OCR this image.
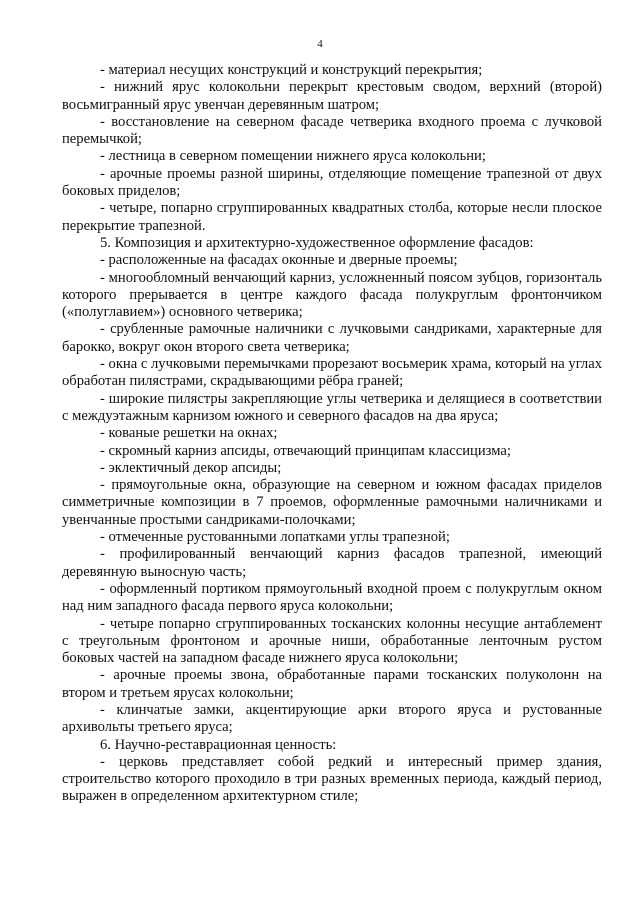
4

- материал несущих конструкций и конструкций перекрытия;

- нижний ярус колокольни перекрыт крестовым сводом, верхний (второй) восьмигранный ярус увенчан деревянным шатром;

- восстановление на северном фасаде четверика входного проема с лучковой перемычкой;

- лестница в северном помещении нижнего яруса колокольни;

- арочные проемы разной ширины, отделяющие помещение трапезной от двух боковых приделов;

- четыре, попарно сгруппированных квадратных столба, которые несли плоское перекрытие трапезной.

5. Композиция и архитектурно-художественное оформление фасадов:

- расположенные на фасадах оконные и дверные проемы;

- многообломный венчающий карниз, усложненный поясом зубцов, горизонталь которого прерывается в центре каждого фасада полукруглым фронтончиком («полуглавием») основного четверика;

- срубленные рамочные наличники с лучковыми сандриками, характерные для барокко, вокруг окон второго света четверика;

- окна с лучковыми перемычками прорезают восьмерик храма, который на углах обработан пилястрами, скрадывающими рёбра граней;

- широкие пилястры закрепляющие углы четверика и делящиеся в соответствии с междуэтажным карнизом южного и северного фасадов на два яруса;

- кованые решетки на окнах;

- скромный карниз апсиды, отвечающий принципам классицизма;

- эклектичный декор апсиды;

- прямоугольные окна, образующие на северном и южном фасадах приделов симметричные композиции в 7 проемов, оформленные рамочными наличниками и увенчанные простыми сандриками-полочками;

- отмеченные рустованными лопатками углы трапезной;

- профилированный венчающий карниз фасадов трапезной, имеющий деревянную выносную часть;

- оформленный портиком прямоугольный входной проем с полукруглым окном над ним западного фасада первого яруса колокольни;

- четыре попарно сгруппированных тосканских колонны несущие антаблемент с треугольным фронтоном и арочные ниши, обработанные ленточным рустом боковых частей на западном фасаде нижнего яруса колокольни;

- арочные проемы звона, обработанные парами тосканских полуколонн на втором и третьем ярусах колокольни;

- клинчатые замки, акцентирующие арки второго яруса и рустованные архивольты третьего яруса;

6. Научно-реставрационная ценность:

- церковь представляет собой редкий и интересный пример здания, строительство которого проходило в три разных временных периода, каждый период, выражен в определенном архитектурном стиле;
